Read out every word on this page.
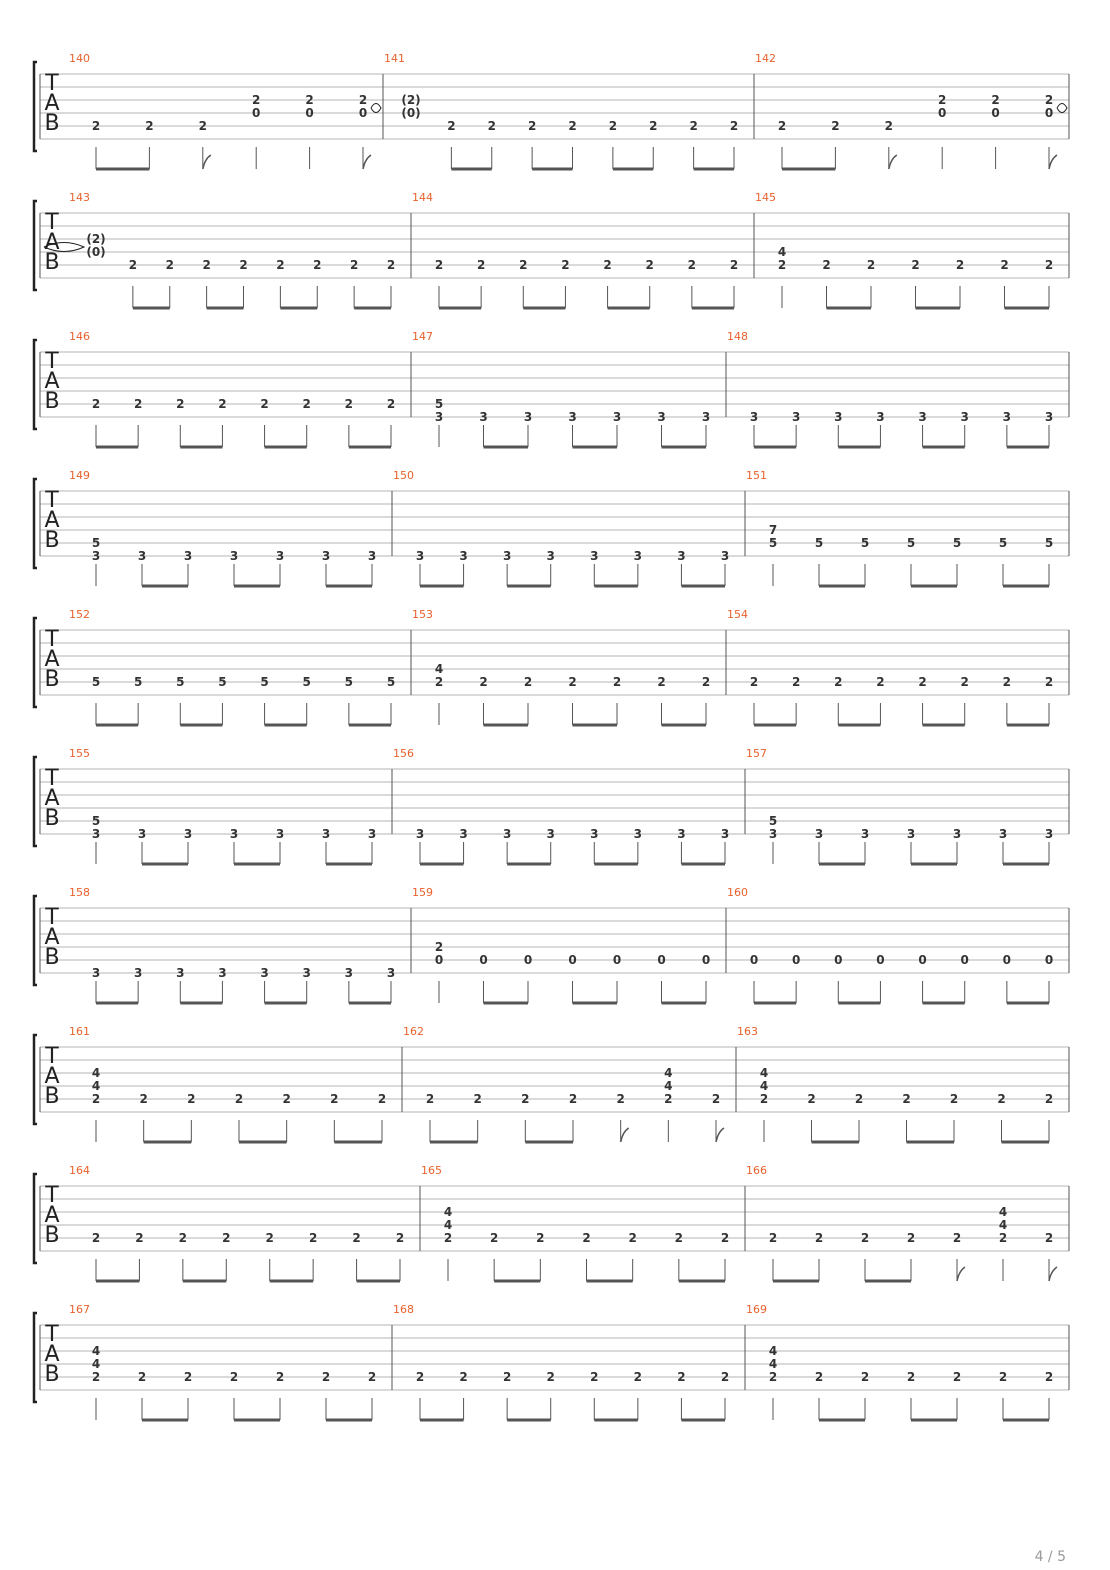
T
A
B
140
2	2	2
2
0
2
0
2
0
141
(2)
(0)
2	2	2	2	2	2	2	2
142
2	2	2
2
0
2
0
2
0
T
A
B
143
(2)
(0)
2 2 2 2 2 2 2 2
144
2	2	2	2	2	2	2	2
145
4
2	2	2	2	2	2	2
T
A
B
146
2	2	2	2	2	2	2	2
147
5
3	3	3	3	3	3	3
148
3	3	3	3	3	3	3	3
T
A
B
149
5
3	3	3	3	3	3	3
150
3	3	3	3	3	3	3	3
151
7
5	5	5	5	5	5	5
T
A
B
152
5	5	5	5	5	5	5	5
153
4
2	2	2	2	2	2	2
154
2	2	2	2	2	2	2	2
T
A
B
155
5
3	3	3	3	3	3	3
156
3	3	3	3	3	3	3	3
157
5
3	3	3	3	3	3	3
T
A
B
158
3	3	3	3	3	3	3	3
159
2
0	0	0	0	0	0	0
160
0	0	0	0	0	0	0	0
T
A
B
161
4
4
2	2	2	2	2	2	2
162
2	2	2	2	2
4
4
2	2
163
4
4
2	2	2	2	2	2	2
T
A
B
164
2	2	2	2	2	2	2	2
165
4
4
2	2	2	2	2	2	2
166
2	2	2	2	2
4
4
2	2
T
A
B
167
4
4
2	2	2	2	2	2	2
168
2	2	2	2	2	2	2	2
169
4
4
2	2	2	2	2	2	2
4 / 5
